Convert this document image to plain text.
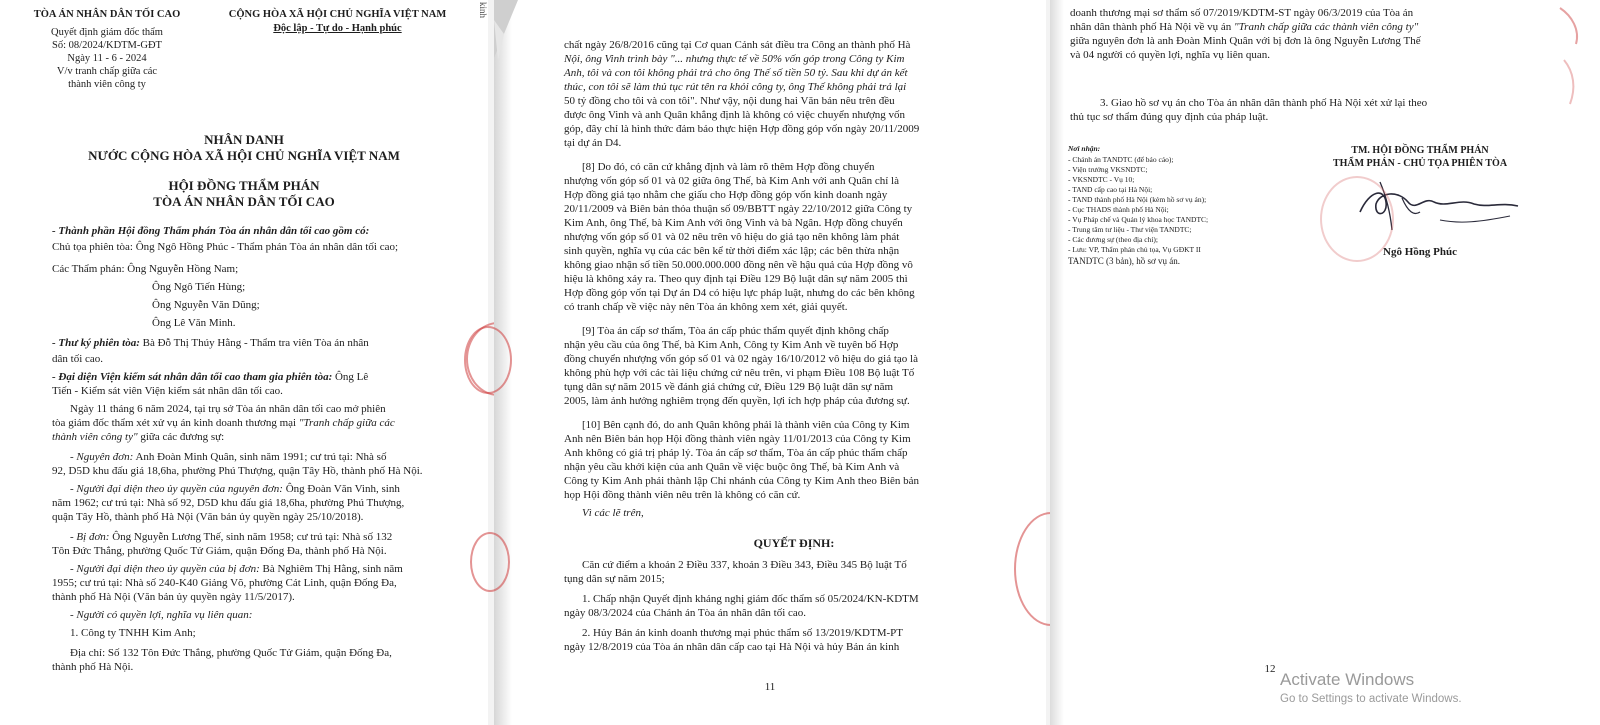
TÒA ÁN NHÂN DÂN TỐI CAO
Quyết định giám đốc thẩm
Số: 08/2024/KDTM-GĐT
Ngày 11 - 6 - 2024
V/v tranh chấp giữa các
thành viên công ty
CỘNG HÒA XÃ HỘI CHỦ NGHĨA VIỆT NAM
Độc lập - Tự do - Hạnh phúc
NHÂN DANH
NƯỚC CỘNG HÒA XÃ HỘI CHỦ NGHĨA VIỆT NAM
HỘI ĐỒNG THẨM PHÁN
TÒA ÁN NHÂN DÂN TỐI CAO
- Thành phần Hội đồng Thẩm phán Tòa án nhân dân tối cao gồm có:
Chủ tọa phiên tòa: Ông Ngô Hồng Phúc - Thẩm phán Tòa án nhân dân tối cao;
Các Thẩm phán: Ông Nguyễn Hồng Nam;
Ông Ngô Tiến Hùng;
Ông Nguyễn Văn Dũng;
Ông Lê Văn Minh.
- Thư ký phiên tòa: Bà Đỗ Thị Thúy Hằng - Thẩm tra viên Tòa án nhân
dân tối cao.
- Đại diện Viện kiểm sát nhân dân tối cao tham gia phiên tòa: Ông Lê
Tiến - Kiểm sát viên Viện kiểm sát nhân dân tối cao.
Ngày 11 tháng 6 năm 2024, tại trụ sở Tòa án nhân dân tối cao mở phiên
tòa giám đốc thẩm xét xử vụ án kinh doanh thương mại "Tranh chấp giữa các
thành viên công ty" giữa các đương sự:
- Nguyên đơn: Anh Đoàn Minh Quân, sinh năm 1991; cư trú tại: Nhà số
92, D5D khu đấu giá 18,6ha, phường Phú Thượng, quận Tây Hồ, thành phố Hà Nội.
- Người đại diện theo ủy quyền của nguyên đơn: Ông Đoàn Văn Vinh, sinh
năm 1962; cư trú tại: Nhà số 92, D5D khu đấu giá 18,6ha, phường Phú Thượng,
quận Tây Hồ, thành phố Hà Nội (Văn bản ủy quyền ngày 25/10/2018).
- Bị đơn: Ông Nguyễn Lương Thế, sinh năm 1958; cư trú tại: Nhà số 132
Tôn Đức Thắng, phường Quốc Tử Giám, quận Đống Đa, thành phố Hà Nội.
- Người đại diện theo ủy quyền của bị đơn: Bà Nghiêm Thị Hằng, sinh năm
1955; cư trú tại: Nhà số 240-K40 Giảng Võ, phường Cát Linh, quận Đống Đa,
thành phố Hà Nội (Văn bản ủy quyền ngày 11/5/2017).
- Người có quyền lợi, nghĩa vụ liên quan:
1. Công ty TNHH Kim Anh;
Địa chỉ: Số 132 Tôn Đức Thắng, phường Quốc Tử Giám, quận Đống Đa,
thành phố Hà Nội.
kinh
chất ngày 26/8/2016 cũng tại Cơ quan Cảnh sát điều tra Công an thành phố Hà
Nội, ông Vinh trình bày "... nhưng thực tế về 50% vốn góp trong Công ty Kim
Anh, tôi và con tôi không phải trả cho ông Thế số tiền 50 tỷ. Sau khi dự án kết
thúc, con tôi sẽ làm thủ tục rút tên ra khỏi công ty, ông Thế không phải trả lại
50 tỷ đồng cho tôi và con tôi". Như vậy, nội dung hai Văn bản nêu trên đều
được ông Vinh và anh Quân khẳng định là không có việc chuyển nhượng vốn
góp, đây chỉ là hình thức đảm bảo thực hiện Hợp đồng góp vốn ngày 20/11/2009
tại dự án D4.
[8] Do đó, có căn cứ khẳng định và làm rõ thêm Hợp đồng chuyển
nhượng vốn góp số 01 và 02 giữa ông Thế, bà Kim Anh với anh Quân chỉ là
Hợp đồng giả tạo nhằm che giấu cho Hợp đồng góp vốn kinh doanh ngày
20/11/2009 và Biên bản thỏa thuận số 09/BBTT ngày 22/10/2012 giữa Công ty
Kim Anh, ông Thế, bà Kim Anh với ông Vinh và bà Ngân. Hợp đồng chuyển
nhượng vốn góp số 01 và 02 nêu trên vô hiệu do giả tạo nên không làm phát
sinh quyền, nghĩa vụ của các bên kể từ thời điểm xác lập; các bên thừa nhận
không giao nhận số tiền 50.000.000.000 đồng nên về hậu quả của Hợp đồng vô
hiệu là không xảy ra. Theo quy định tại Điều 129 Bộ luật dân sự năm 2005 thì
Hợp đồng góp vốn tại Dự án D4 có hiệu lực pháp luật, nhưng do các bên không
có tranh chấp về việc này nên Tòa án không xem xét, giải quyết.
[9] Tòa án cấp sơ thẩm, Tòa án cấp phúc thẩm quyết định không chấp
nhận yêu cầu của ông Thế, bà Kim Anh, Công ty Kim Anh về tuyên bố Hợp
đồng chuyển nhượng vốn góp số 01 và 02 ngày 16/10/2012 vô hiệu do giả tạo là
không phù hợp với các tài liệu chứng cứ nêu trên, vi phạm Điều 108 Bộ luật Tố
tụng dân sự năm 2015 về đánh giá chứng cứ, Điều 129 Bộ luật dân sự năm
2005, làm ảnh hưởng nghiêm trọng đến quyền, lợi ích hợp pháp của đương sự.
[10] Bên cạnh đó, do anh Quân không phải là thành viên của Công ty Kim
Anh nên Biên bản họp Hội đồng thành viên ngày 11/01/2013 của Công ty Kim
Anh không có giá trị pháp lý. Tòa án cấp sơ thẩm, Tòa án cấp phúc thẩm chấp
nhận yêu cầu khởi kiện của anh Quân về việc buộc ông Thế, bà Kim Anh và
Công ty Kim Anh phải thành lập Chi nhánh của Công ty Kim Anh theo Biên bản
họp Hội đồng thành viên nêu trên là không có căn cứ.
Vì các lẽ trên,
QUYẾT ĐỊNH:
Căn cứ điểm a khoản 2 Điều 337, khoản 3 Điều 343, Điều 345 Bộ luật Tố
tụng dân sự năm 2015;
1. Chấp nhận Quyết định kháng nghị giám đốc thẩm số 05/2024/KN-KDTM
ngày 08/3/2024 của Chánh án Tòa án nhân dân tối cao.
2. Hủy Bản án kinh doanh thương mại phúc thẩm số 13/2019/KDTM-PT
ngày 12/8/2019 của Tòa án nhân dân cấp cao tại Hà Nội và hủy Bản án kinh
11
doanh thương mại sơ thẩm số 07/2019/KDTM-ST ngày 06/3/2019 của Tòa án
nhân dân thành phố Hà Nội về vụ án "Tranh chấp giữa các thành viên công ty"
giữa nguyên đơn là anh Đoàn Minh Quân với bị đơn là ông Nguyễn Lương Thế
và 04 người có quyền lợi, nghĩa vụ liên quan.
3. Giao hồ sơ vụ án cho Tòa án nhân dân thành phố Hà Nội xét xử lại theo
thủ tục sơ thẩm đúng quy định của pháp luật.
Nơi nhận:
- Chánh án TANDTC (để báo cáo);
- Viện trưởng VKSNDTC;
- VKSNDTC - Vụ 10;
- TAND cấp cao tại Hà Nội;
- TAND thành phố Hà Nội (kèm hồ sơ vụ án);
- Cục THADS thành phố Hà Nội;
- Vụ Pháp chế và Quản lý khoa học TANDTC;
- Trung tâm tư liệu - Thư viện TANDTC;
- Các đương sự (theo địa chỉ);
- Lưu: VP, Thẩm phán chủ tọa, Vụ GĐKT II
TANDTC (3 bản), hồ sơ vụ án.
TM. HỘI ĐỒNG THẨM PHÁN
THẨM PHÁN - CHỦ TỌA PHIÊN TÒA
Ngô Hồng Phúc
12
Activate Windows
Go to Settings to activate Windows.
